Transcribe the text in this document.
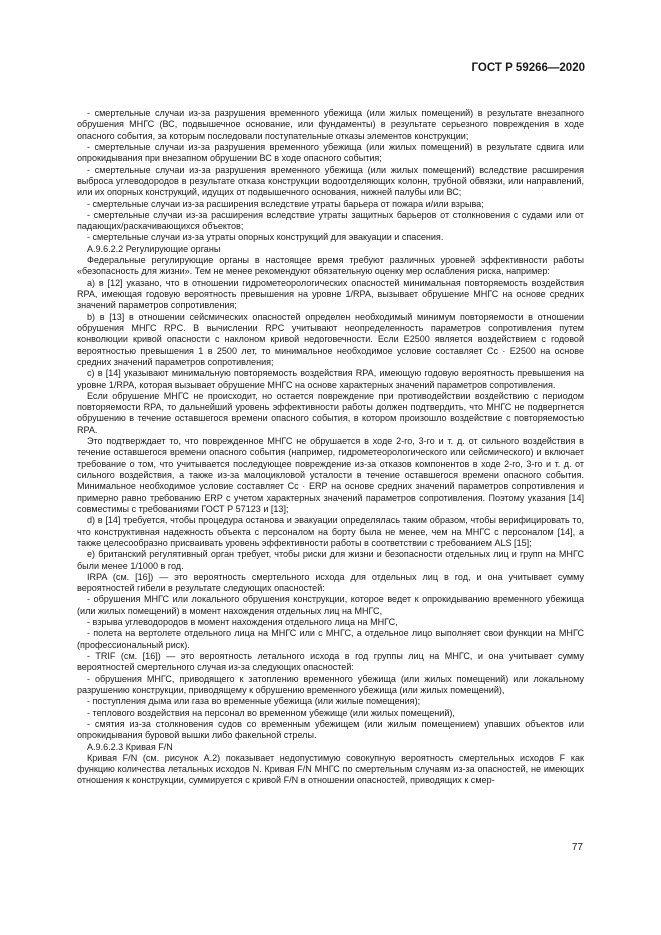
ГОСТ Р 59266—2020

- смертельные случаи из-за разрушения временного убежища (или жилых помещений) в результате внезапного обрушения МНГС (ВС, подвышечное основание, или фундаменты) в результате серьезного повреждения в ходе опасного события, за которым последовали поступательные отказы элементов конструкции;

- смертельные случаи из-за разрушения временного убежища (или жилых помещений) в результате сдвига или опрокидывания при внезапном обрушении ВС в ходе опасного события;

- смертельные случаи из-за разрушения временного убежища (или жилых помещений) вследствие расширения выброса углеводородов в результате отказа конструкции водоотделяющих колонн, трубной обвязки, или направлений, или их опорных конструкций, идущих от подвышечного основания, нижней палубы или ВС;

- смертельные случаи из-за расширения вследствие утраты барьера от пожара и/или взрыва;

- смертельные случаи из-за расширения вследствие утраты защитных барьеров от столкновения с судами или от падающих/раскачивающихся объектов;

- смертельные случаи из-за утраты опорных конструкций для эвакуации и спасения.

А.9.6.2.2 Регулирующие органы

Федеральные регулирующие органы в настоящее время требуют различных уровней эффективности работы «безопасность для жизни». Тем не менее рекомендуют обязательную оценку мер ослабления риска, например:

a) в [12] указано, что в отношении гидрометеорологических опасностей минимальная повторяемость воздействия RPA, имеющая годовую вероятность превышения на уровне 1/RPA, вызывает обрушение МНГС на основе средних значений параметров сопротивления;

b) в [13] в отношении сейсмических опасностей определен необходимый минимум повторяемости в отношении обрушения МНГС RPC. В вычислении RPC учитывают неопределенность параметров сопротивления путем конволюции кривой опасности с наклоном кривой недоговечности. Если E2500 является воздействием с годовой вероятностью превышения 1 в 2500 лет, то минимальное необходимое условие составляет Cc · E2500 на основе средних значений параметров сопротивления;

c) в [14] указывают минимальную повторяемость воздействия RPA, имеющую годовую вероятность превышения на уровне 1/RPA, которая вызывает обрушение МНГС на основе характерных значений параметров сопротивления.

Если обрушение МНГС не происходит, но остается повреждение при противодействии воздействию с периодом повторяемости RPA, то дальнейший уровень эффективности работы должен подтвердить, что МНГС не подвергнется обрушению в течение оставшегося времени опасного события, в котором произошло воздействие с повторяемостью RPA.

Это подтверждает то, что поврежденное МНГС не обрушается в ходе 2-го, 3-го и т. д. от сильного воздействия в течение оставшегося времени опасного события (например, гидрометеорологического или сейсмического) и включает требование о том, что учитывается последующее повреждение из-за отказов компонентов в ходе 2-го, 3-го и т. д. от сильного воздействия, а также из-за малоцикловой усталости в течение оставшегося времени опасного события. Минимальное необходимое условие составляет Cc · ERP на основе средних значений параметров сопротивления и примерно равно требованию ERP с учетом характерных значений параметров сопротивления. Поэтому указания [14] совместимы с требованиями ГОСТ Р 57123 и [13];

d) в [14] требуется, чтобы процедура останова и эвакуации определялась таким образом, чтобы верифицировать то, что конструктивная надежность объекта с персоналом на борту была не менее, чем на МНГС с персоналом [14], а также целесообразно присваивать уровень эффективности работы в соответствии с требованием ALS [15];

e) британский регулятивный орган требует, чтобы риски для жизни и безопасности отдельных лиц и групп на МНГС были менее 1/1000 в год.

IRPA (см. [16]) — это вероятность смертельного исхода для отдельных лиц в год, и она учитывает сумму вероятностей гибели в результате следующих опасностей:

- обрушения МНГС или локального обрушения конструкции, которое ведет к опрокидыванию временного убежища (или жилых помещений) в момент нахождения отдельных лиц на МНГС,

- взрыва углеводородов в момент нахождения отдельного лица на МНГС,

- полета на вертолете отдельного лица на МНГС или с МНГС, а отдельное лицо выполняет свои функции на МНГС (профессиональный риск).

- TRIF (см. [16]) — это вероятность летального исхода в год группы лиц на МНГС, и она учитывает сумму вероятностей смертельного случая из-за следующих опасностей:

- обрушения МНГС, приводящего к затоплению временного убежища (или жилых помещений) или локальному разрушению конструкции, приводящему к обрушению временного убежища (или жилых помещений),

- поступления дыма или газа во временные убежища (или жилые помещения);

- теплового воздействия на персонал во временном убежище (или жилых помещений),

- смятия из-за столкновения судов со временным убежищем (или жилым помещением) упавших объектов или опрокидывания буровой вышки либо факельной стрелы.

А.9.6.2.3 Кривая F/N

Кривая F/N (см. рисунок А.2) показывает недопустимую совокупную вероятность смертельных исходов F как функцию количества летальных исходов N. Кривая F/N МНГС по смертельным случаям из-за опасностей, не имеющих отношения к конструкции, суммируется с кривой F/N в отношении опасностей, приводящих к смер-

77
